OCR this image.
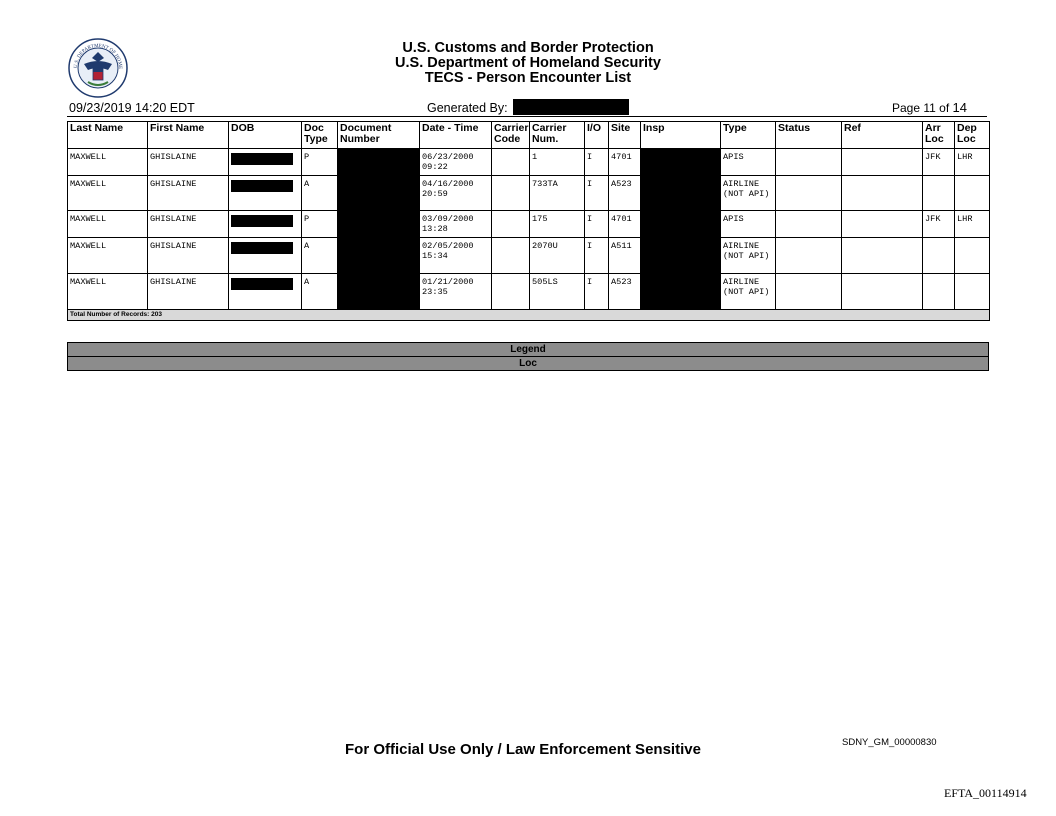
U.S. DEPARTMENT OF HOME
U.S. Customs and Border Protection
U.S. Department of Homeland Security
TECS - Person Encounter List
09/23/2019 14:20 EDT	Generated By:	Page 11 of 14
Last Name	First Name	DOB	Doc Type	Document Number	Date - Time	Carrier Code	Carrier Num.	I/O	Site	Insp	Type	Status	Ref	Arr Loc	Dep Loc
MAXWELL	GHISLAINE		P		06/23/2000 09:22		1	I	4701		APIS			JFK	LHR
MAXWELL	GHISLAINE		A		04/16/2000 20:59		733TA	I	A523		AIRLINE (NOT API)				
MAXWELL	GHISLAINE		P		03/09/2000 13:28		175	I	4701		APIS			JFK	LHR
MAXWELL	GHISLAINE		A		02/05/2000 15:34		2070U	I	A511		AIRLINE (NOT API)				
MAXWELL	GHISLAINE		A		01/21/2000 23:35		505LS	I	A523		AIRLINE (NOT API)				
Total Number of Records: 203															
Legend
Loc
For Official Use Only / Law Enforcement Sensitive	SDNY_GM_00000830
EFTA_00114914
